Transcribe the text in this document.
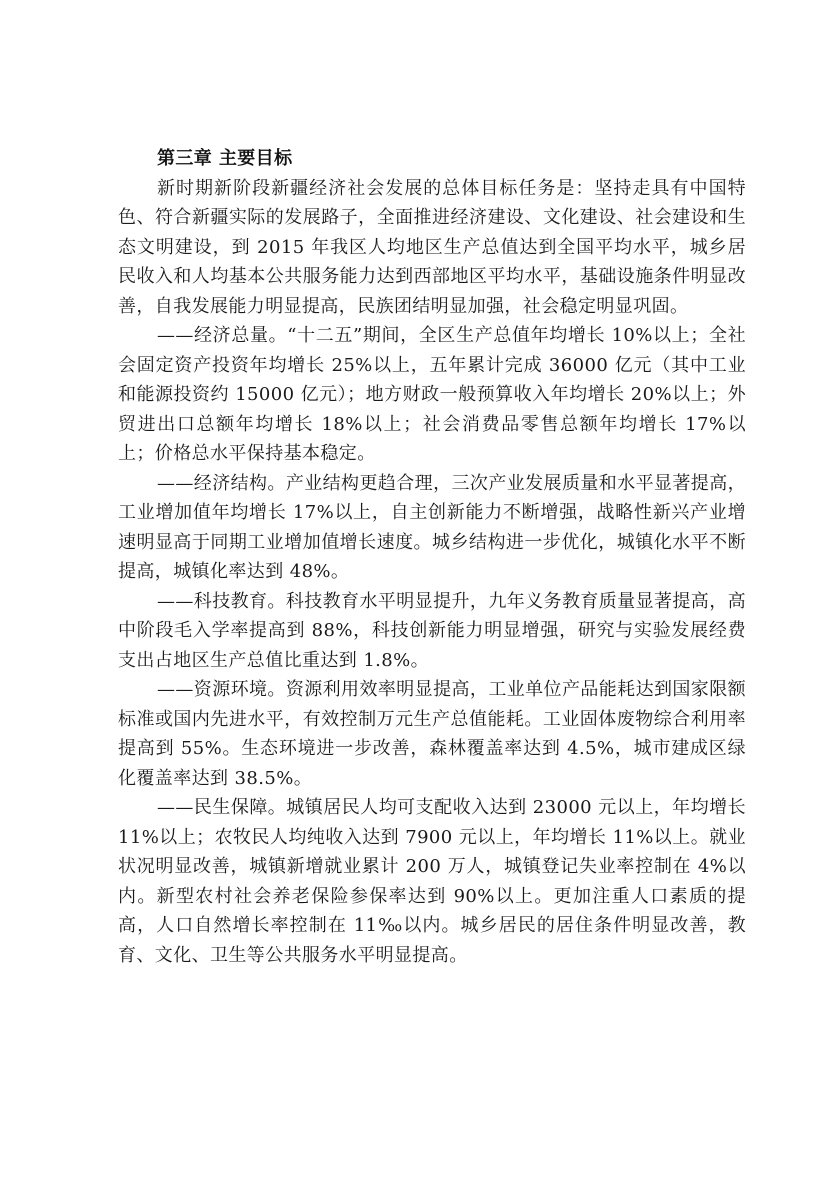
第三章 主要目标

新时期新阶段新疆经济社会发展的总体目标任务是：坚持走具有中国特色、符合新疆实际的发展路子，全面推进经济建设、文化建设、社会建设和生态文明建设，到 2015 年我区人均地区生产总值达到全国平均水平，城乡居民收入和人均基本公共服务能力达到西部地区平均水平，基础设施条件明显改善，自我发展能力明显提高，民族团结明显加强，社会稳定明显巩固。

——经济总量。“十二五”期间，全区生产总值年均增长 10%以上；全社会固定资产投资年均增长 25%以上，五年累计完成 36000 亿元（其中工业和能源投资约 15000 亿元）；地方财政一般预算收入年均增长 20%以上；外贸进出口总额年均增长 18%以上；社会消费品零售总额年均增长 17%以上；价格总水平保持基本稳定。

——经济结构。产业结构更趋合理，三次产业发展质量和水平显著提高，工业增加值年均增长 17%以上，自主创新能力不断增强，战略性新兴产业增速明显高于同期工业增加值增长速度。城乡结构进一步优化，城镇化水平不断提高，城镇化率达到 48%。

——科技教育。科技教育水平明显提升，九年义务教育质量显著提高，高中阶段毛入学率提高到 88%，科技创新能力明显增强，研究与实验发展经费支出占地区生产总值比重达到 1.8%。

——资源环境。资源利用效率明显提高，工业单位产品能耗达到国家限额标准或国内先进水平，有效控制万元生产总值能耗。工业固体废物综合利用率提高到 55%。生态环境进一步改善，森林覆盖率达到 4.5%，城市建成区绿化覆盖率达到 38.5%。

——民生保障。城镇居民人均可支配收入达到 23000 元以上，年均增长11%以上；农牧民人均纯收入达到 7900 元以上，年均增长 11%以上。就业状况明显改善，城镇新增就业累计 200 万人，城镇登记失业率控制在 4%以内。新型农村社会养老保险参保率达到 90%以上。更加注重人口素质的提高，人口自然增长率控制在 11‰以内。城乡居民的居住条件明显改善，教育、文化、卫生等公共服务水平明显提高。
